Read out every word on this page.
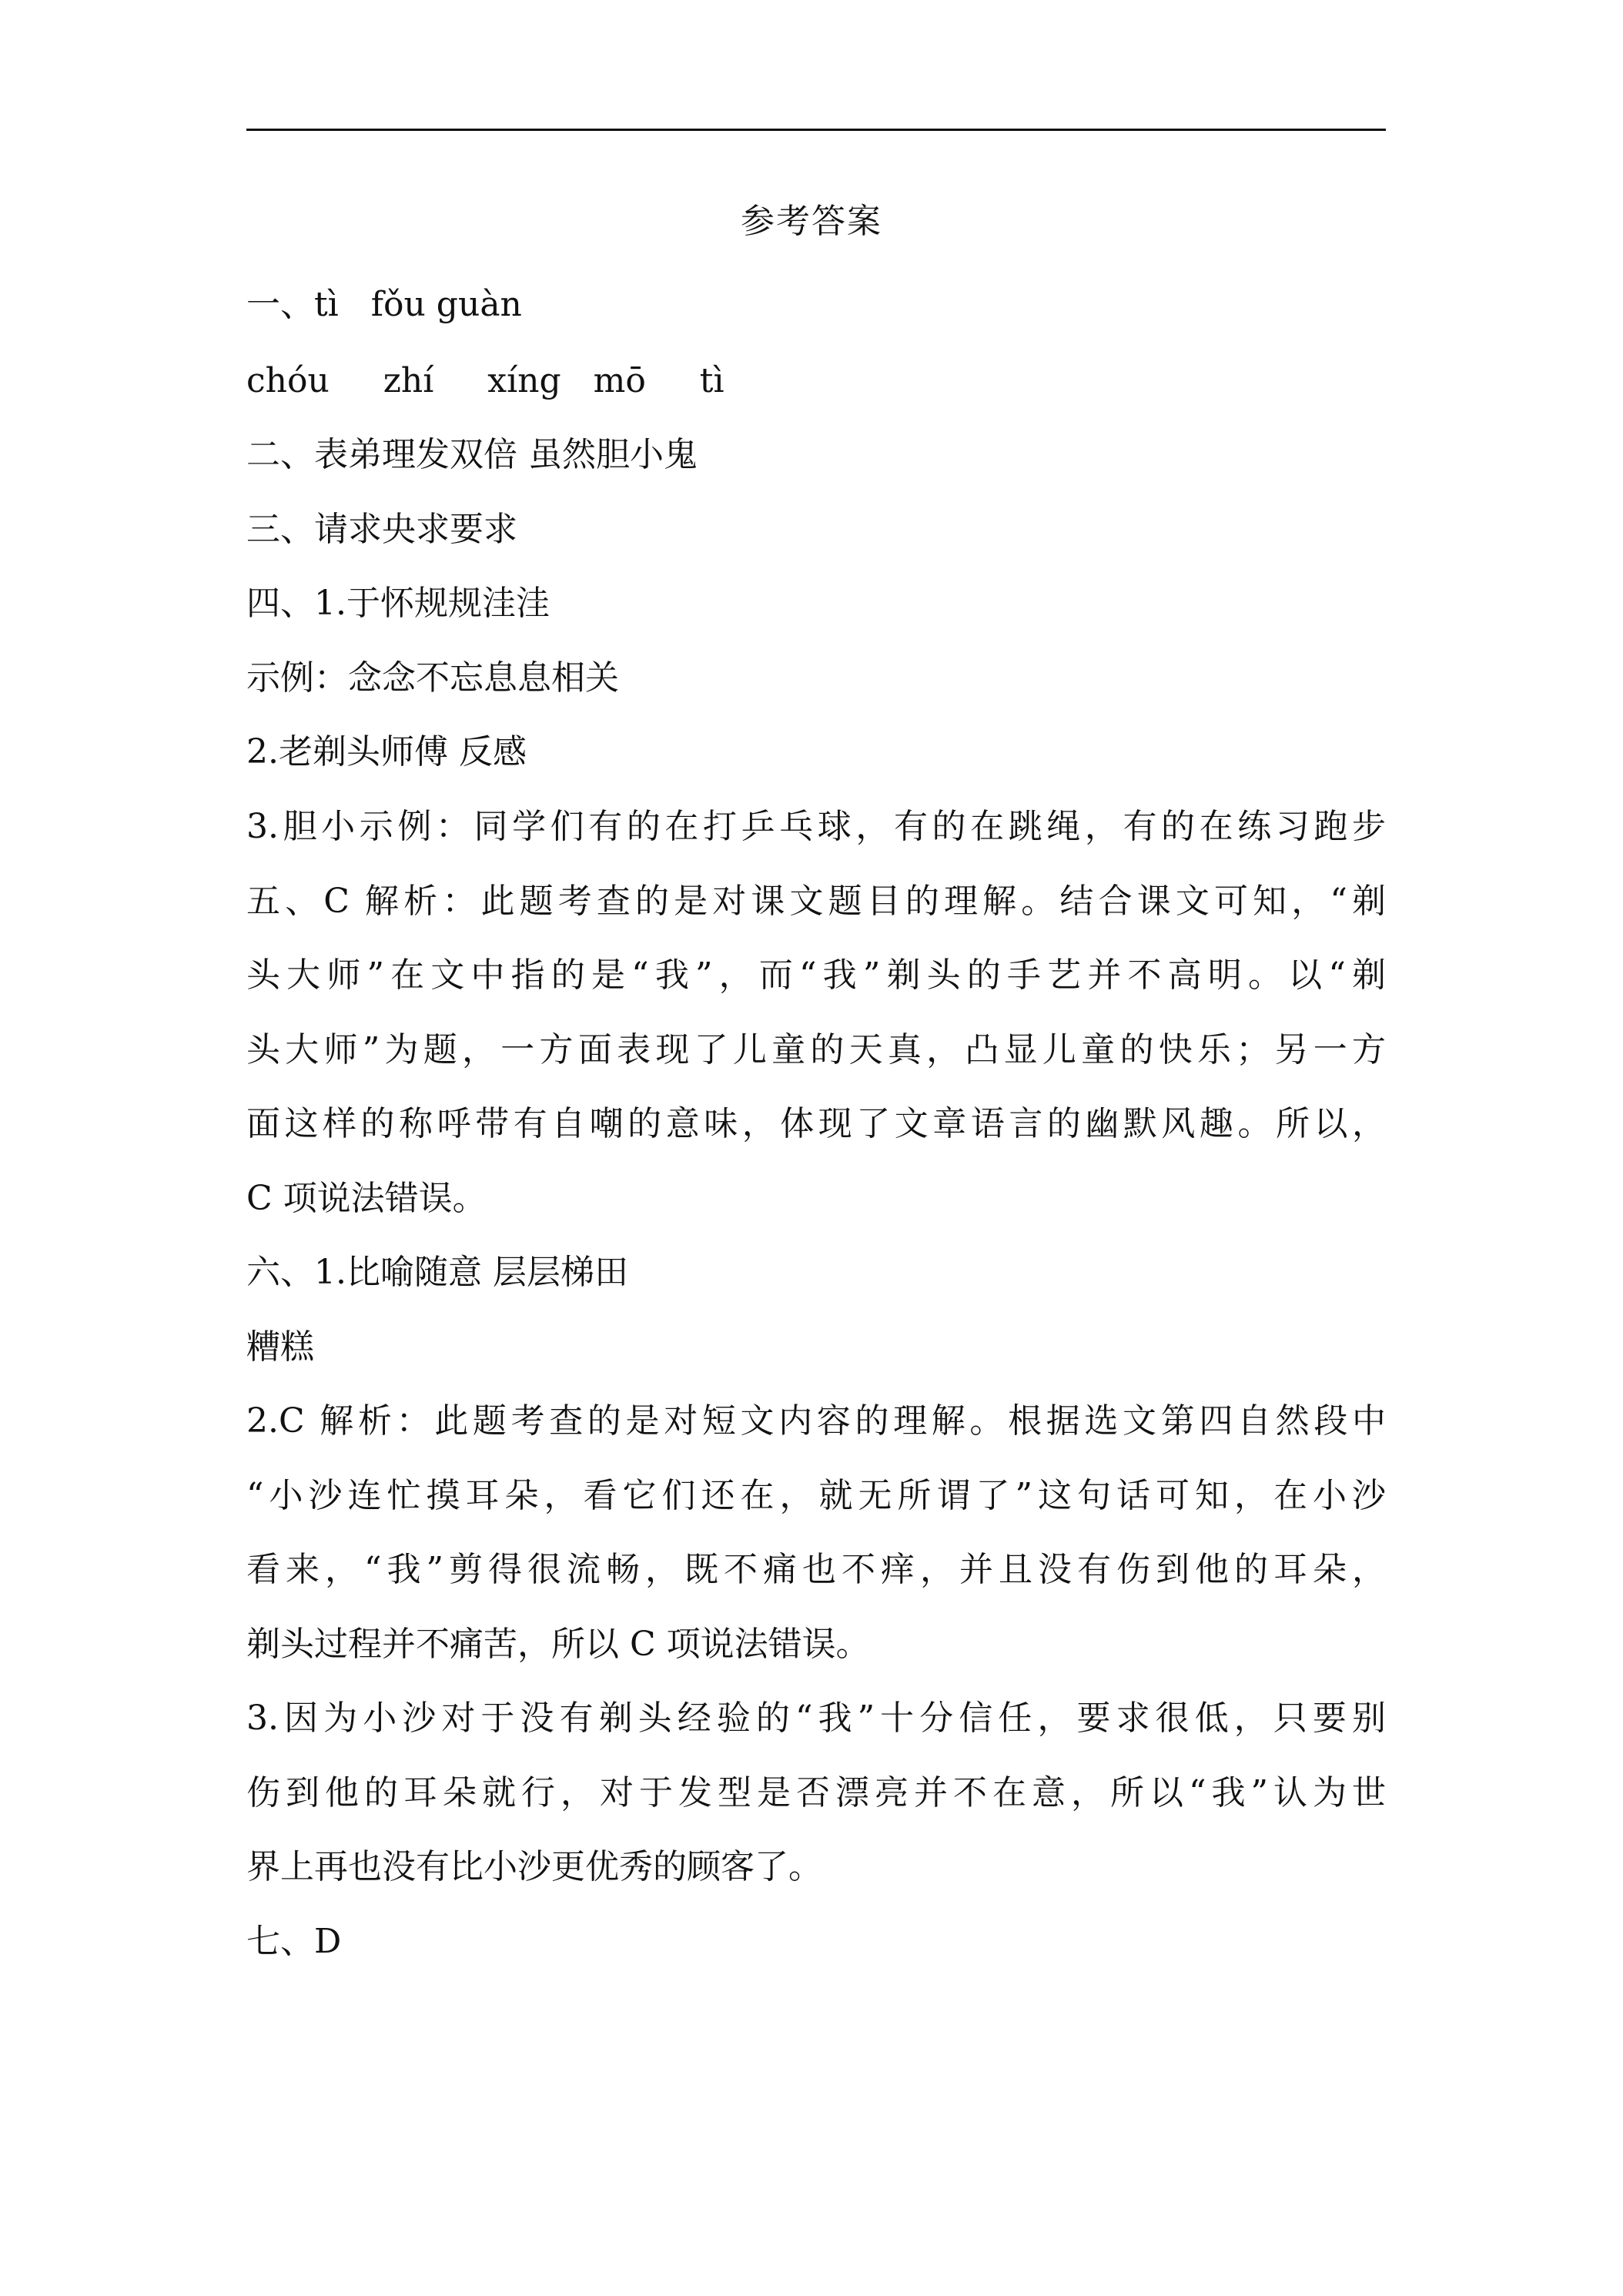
参考答案

一、tì   fǒu guàn

chóu     zhí     xíng   mō     tì

二、表弟理发双倍 虽然胆小鬼

三、请求央求要求

四、1.于怀规规洼洼

示例：念念不忘息息相关

2.老剃头师傅 反感

3.胆小示例：同学们有的在打乒乓球，有的在跳绳，有的在练习跑步

五、C 解析：此题考查的是对课文题目的理解。结合课文可知，“剃

头大师”在文中指的是“我”，而“我”剃头的手艺并不高明。以“剃

头大师”为题，一方面表现了儿童的天真，凸显儿童的快乐；另一方

面这样的称呼带有自嘲的意味，体现了文章语言的幽默风趣。所以，

C 项说法错误。

六、1.比喻随意 层层梯田

糟糕

2.C 解析：此题考查的是对短文内容的理解。根据选文第四自然段中

“小沙连忙摸耳朵，看它们还在，就无所谓了”这句话可知，在小沙

看来，“我”剪得很流畅，既不痛也不痒，并且没有伤到他的耳朵，

剃头过程并不痛苦，所以 C 项说法错误。

3.因为小沙对于没有剃头经验的“我”十分信任，要求很低，只要别

伤到他的耳朵就行，对于发型是否漂亮并不在意，所以“我”认为世

界上再也没有比小沙更优秀的顾客了。

七、D
